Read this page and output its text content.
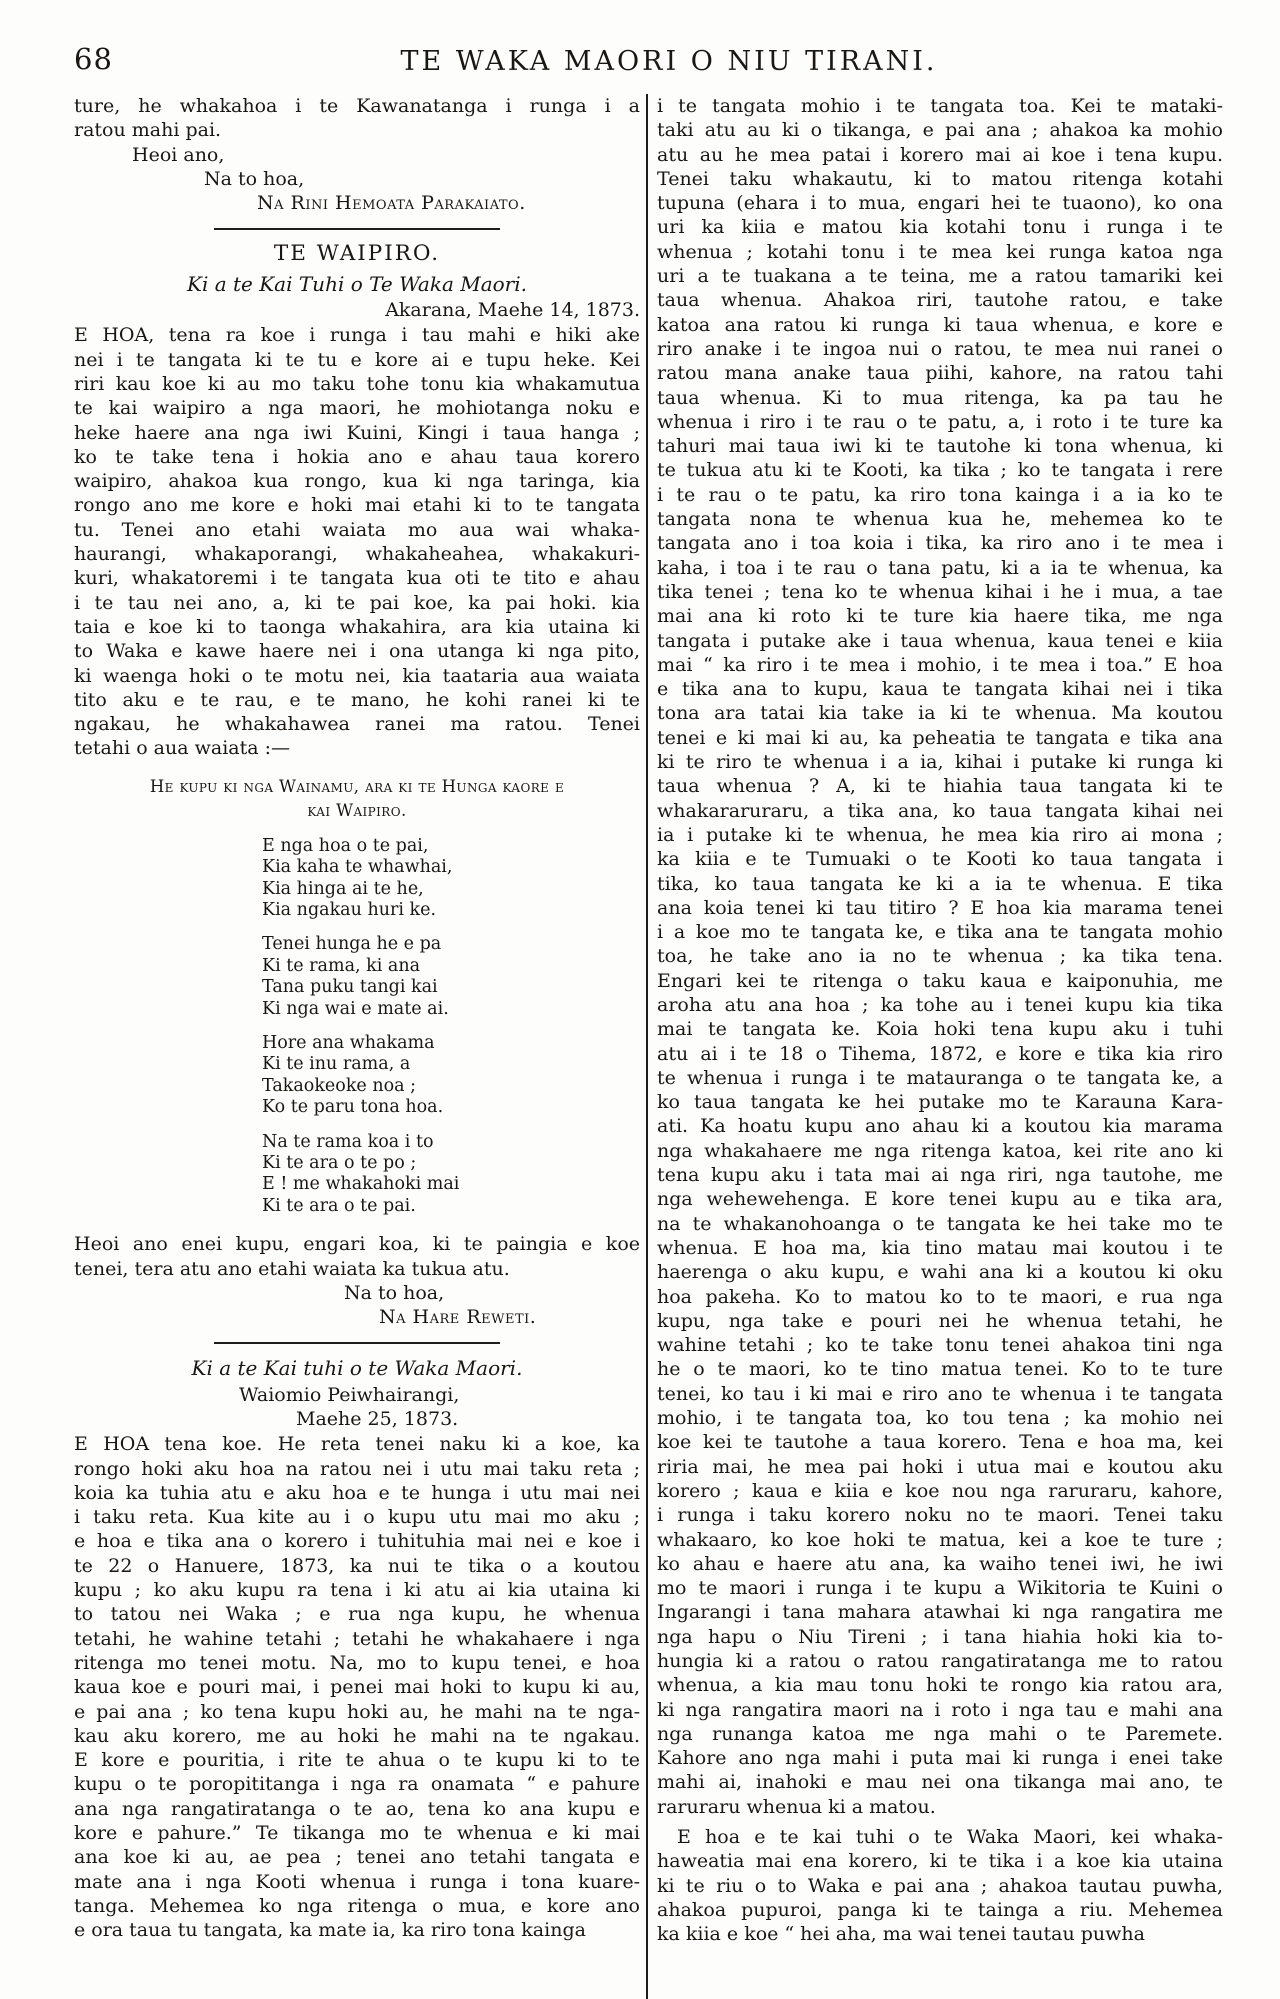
68	TE WAKA MAORI O NIU TIRANI.
ture, he whakahoa i te Kawanatanga i runga i a
ratou mahi pai.
Heoi ano,
Na to hoa,
Na Rini Hemoata Parakaiato.
TE WAIPIRO.
Ki a te Kai Tuhi o Te Waka Maori.
Akarana, Maehe 14, 1873.
E HOA, tena ra koe i runga i tau mahi e hiki ake
nei i te tangata ki te tu e kore ai e tupu heke. Kei
riri kau koe ki au mo taku tohe tonu kia whakamutua
te kai waipiro a nga maori, he mohiotanga noku e
heke haere ana nga iwi Kuini, Kingi i taua hanga ;
ko te take tena i hokia ano e ahau taua korero
waipiro, ahakoa kua rongo, kua ki nga taringa, kia
rongo ano me kore e hoki mai etahi ki to te tangata
tu. Tenei ano etahi waiata mo aua wai whaka-
haurangi, whakaporangi, whakaheahea, whakakuri-
kuri, whakatoremi i te tangata kua oti te tito e ahau
i te tau nei ano, a, ki te pai koe, ka pai hoki. kia
taia e koe ki to taonga whakahira, ara kia utaina ki
to Waka e kawe haere nei i ona utanga ki nga pito,
ki waenga hoki o te motu nei, kia taataria aua waiata
tito aku e te rau, e te mano, he kohi ranei ki te
ngakau, he whakahawea ranei ma ratou. Tenei
tetahi o aua waiata :—
He kupu ki nga Wainamu, ara ki te Hunga kaore e
kai Waipiro.
E nga hoa o te pai,
Kia kaha te whawhai,
Kia hinga ai te he,
Kia ngakau huri ke.
Tenei hunga he e pa
Ki te rama, ki ana
Tana puku tangi kai
Ki nga wai e mate ai.
Hore ana whakama
Ki te inu rama, a
Takaokeoke noa ;
Ko te paru tona hoa.
Na te rama koa i to
Ki te ara o te po ;
E ! me whakahoki mai
Ki te ara o te pai.
Heoi ano enei kupu, engari koa, ki te paingia e koe
tenei, tera atu ano etahi waiata ka tukua atu.
Na to hoa,
Na Hare Reweti.
Ki a te Kai tuhi o te Waka Maori.
Waiomio Peiwhairangi,
Maehe 25, 1873.
E HOA tena koe. He reta tenei naku ki a koe, ka
rongo hoki aku hoa na ratou nei i utu mai taku reta ;
koia ka tuhia atu e aku hoa e te hunga i utu mai nei
i taku reta. Kua kite au i o kupu utu mai mo aku ;
e hoa e tika ana o korero i tuhituhia mai nei e koe i
te 22 o Hanuere, 1873, ka nui te tika o a koutou
kupu ; ko aku kupu ra tena i ki atu ai kia utaina ki
to tatou nei Waka ; e rua nga kupu, he whenua
tetahi, he wahine tetahi ; tetahi he whakahaere i nga
ritenga mo tenei motu. Na, mo to kupu tenei, e hoa
kaua koe e pouri mai, i penei mai hoki to kupu ki au,
e pai ana ; ko tena kupu hoki au, he mahi na te nga-
kau aku korero, me au hoki he mahi na te ngakau.
E kore e pouritia, i rite te ahua o te kupu ki to te
kupu o te poropititanga i nga ra onamata “ e pahure
ana nga rangatiratanga o te ao, tena ko ana kupu e
kore e pahure.” Te tikanga mo te whenua e ki mai
ana koe ki au, ae pea ; tenei ano tetahi tangata e
mate ana i nga Kooti whenua i runga i tona kuare-
tanga. Mehemea ko nga ritenga o mua, e kore ano
e ora taua tu tangata, ka mate ia, ka riro tona kainga
i te tangata mohio i te tangata toa. Kei te mataki-
taki atu au ki o tikanga, e pai ana ; ahakoa ka mohio
atu au he mea patai i korero mai ai koe i tena kupu.
Tenei taku whakautu, ki to matou ritenga kotahi
tupuna (ehara i to mua, engari hei te tuaono), ko ona
uri ka kiia e matou kia kotahi tonu i runga i te
whenua ; kotahi tonu i te mea kei runga katoa nga
uri a te tuakana a te teina, me a ratou tamariki kei
taua whenua. Ahakoa riri, tautohe ratou, e take
katoa ana ratou ki runga ki taua whenua, e kore e
riro anake i te ingoa nui o ratou, te mea nui ranei o
ratou mana anake taua piihi, kahore, na ratou tahi
taua whenua. Ki to mua ritenga, ka pa tau he
whenua i riro i te rau o te patu, a, i roto i te ture ka
tahuri mai taua iwi ki te tautohe ki tona whenua, ki
te tukua atu ki te Kooti, ka tika ; ko te tangata i rere
i te rau o te patu, ka riro tona kainga i a ia ko te
tangata nona te whenua kua he, mehemea ko te
tangata ano i toa koia i tika, ka riro ano i te mea i
kaha, i toa i te rau o tana patu, ki a ia te whenua, ka
tika tenei ; tena ko te whenua kihai i he i mua, a tae
mai ana ki roto ki te ture kia haere tika, me nga
tangata i putake ake i taua whenua, kaua tenei e kiia
mai “ ka riro i te mea i mohio, i te mea i toa.” E hoa
e tika ana to kupu, kaua te tangata kihai nei i tika
tona ara tatai kia take ia ki te whenua. Ma koutou
tenei e ki mai ki au, ka peheatia te tangata e tika ana
ki te riro te whenua i a ia, kihai i putake ki runga ki
taua whenua ? A, ki te hiahia taua tangata ki te
whakararuraru, a tika ana, ko taua tangata kihai nei
ia i putake ki te whenua, he mea kia riro ai mona ;
ka kiia e te Tumuaki o te Kooti ko taua tangata i
tika, ko taua tangata ke ki a ia te whenua. E tika
ana koia tenei ki tau titiro ? E hoa kia marama tenei
i a koe mo te tangata ke, e tika ana te tangata mohio
toa, he take ano ia no te whenua ; ka tika tena.
Engari kei te ritenga o taku kaua e kaiponuhia, me
aroha atu ana hoa ; ka tohe au i tenei kupu kia tika
mai te tangata ke. Koia hoki tena kupu aku i tuhi
atu ai i te 18 o Tihema, 1872, e kore e tika kia riro
te whenua i runga i te matauranga o te tangata ke, a
ko taua tangata ke hei putake mo te Karauna Kara-
ati. Ka hoatu kupu ano ahau ki a koutou kia marama
nga whakahaere me nga ritenga katoa, kei rite ano ki
tena kupu aku i tata mai ai nga riri, nga tautohe, me
nga wehewehenga. E kore tenei kupu au e tika ara,
na te whakanohoanga o te tangata ke hei take mo te
whenua. E hoa ma, kia tino matau mai koutou i te
haerenga o aku kupu, e wahi ana ki a koutou ki oku
hoa pakeha. Ko to matou ko to te maori, e rua nga
kupu, nga take e pouri nei he whenua tetahi, he
wahine tetahi ; ko te take tonu tenei ahakoa tini nga
he o te maori, ko te tino matua tenei. Ko to te ture
tenei, ko tau i ki mai e riro ano te whenua i te tangata
mohio, i te tangata toa, ko tou tena ; ka mohio nei
koe kei te tautohe a taua korero. Tena e hoa ma, kei
riria mai, he mea pai hoki i utua mai e koutou aku
korero ; kaua e kiia e koe nou nga raruraru, kahore,
i runga i taku korero noku no te maori. Tenei taku
whakaaro, ko koe hoki te matua, kei a koe te ture ;
ko ahau e haere atu ana, ka waiho tenei iwi, he iwi
mo te maori i runga i te kupu a Wikitoria te Kuini o
Ingarangi i tana mahara atawhai ki nga rangatira me
nga hapu o Niu Tireni ; i tana hiahia hoki kia to-
hungia ki a ratou o ratou rangatiratanga me to ratou
whenua, a kia mau tonu hoki te rongo kia ratou ara,
ki nga rangatira maori na i roto i nga tau e mahi ana
nga runanga katoa me nga mahi o te Paremete.
Kahore ano nga mahi i puta mai ki runga i enei take
mahi ai, inahoki e mau nei ona tikanga mai ano, te
raruraru whenua ki a matou.
E hoa e te kai tuhi o te Waka Maori, kei whaka-
haweatia mai ena korero, ki te tika i a koe kia utaina
ki te riu o to Waka e pai ana ; ahakoa tautau puwha,
ahakoa pupuroi, panga ki te tainga a riu. Mehemea
ka kiia e koe “ hei aha, ma wai tenei tautau puwha
